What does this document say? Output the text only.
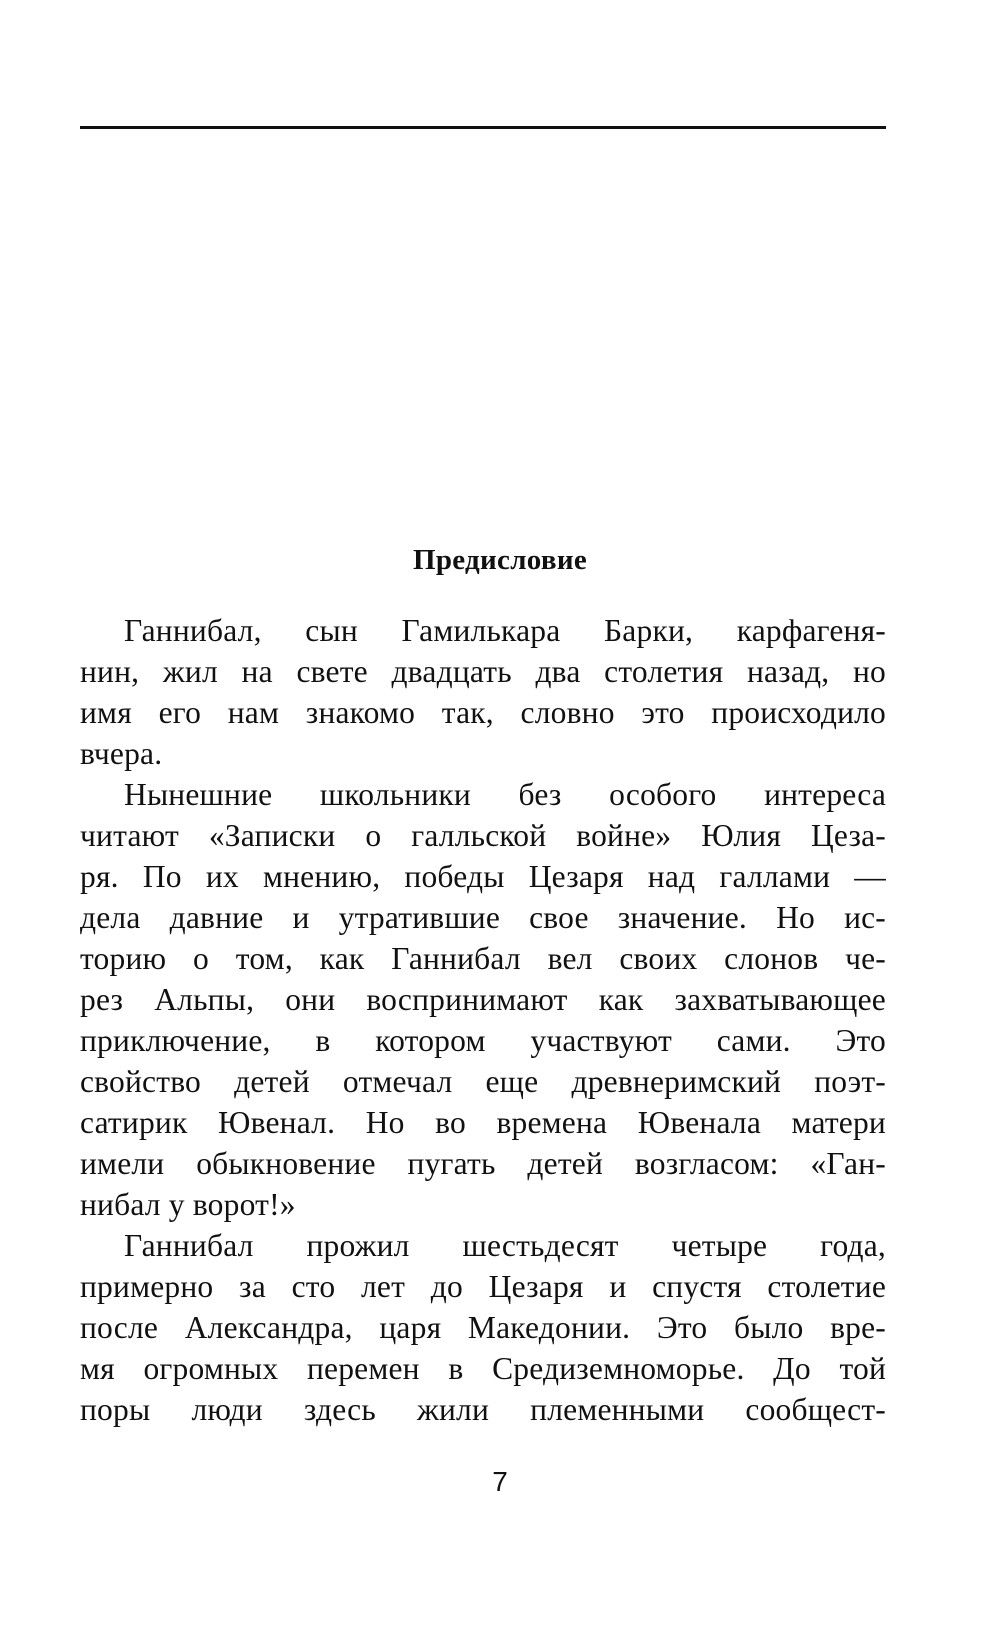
Предисловие
Ганнибал, сын Гамилькара Барки, карфагеня-
нин, жил на свете двадцать два столетия назад, но
имя его нам знакомо так, словно это происходило
вчера.
Нынешние школьники без особого интереса
читают «Записки о галльской войне» Юлия Цеза-
ря. По их мнению, победы Цезаря над галлами —
дела давние и утратившие свое значение. Но ис-
торию о том, как Ганнибал вел своих слонов че-
рез Альпы, они воспринимают как захватывающее
приключение, в котором участвуют сами. Это
свойство детей отмечал еще древнеримский поэт-
сатирик Ювенал. Но во времена Ювенала матери
имели обыкновение пугать детей возгласом: «Ган-
нибал у ворот!»
Ганнибал прожил шестьдесят четыре года,
примерно за сто лет до Цезаря и спустя столетие
после Александра, царя Македонии. Это было вре-
мя огромных перемен в Средиземноморье. До той
поры люди здесь жили племенными сообщест-
7
